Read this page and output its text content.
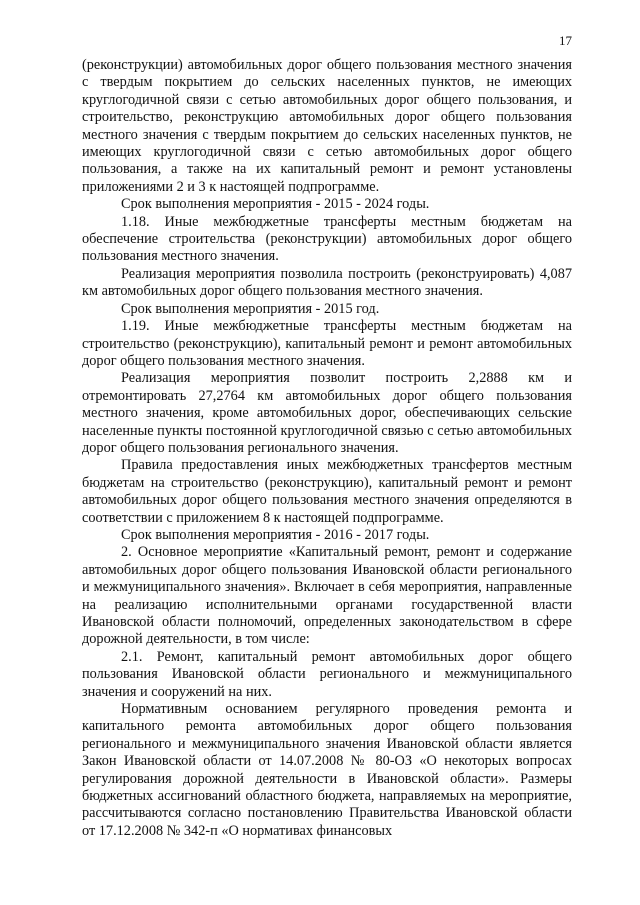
17

(реконструкции) автомобильных дорог общего пользования местного значения с твердым покрытием до сельских населенных пунктов, не имеющих круглогодичной связи с сетью автомобильных дорог общего пользования, и строительство, реконструкцию автомобильных дорог общего пользования местного значения с твердым покрытием до сельских населенных пунктов, не имеющих круглогодичной связи с сетью автомобильных дорог общего пользования, а также на их капитальный ремонт и ремонт установлены приложениями 2 и 3 к настоящей подпрограмме.

Срок выполнения мероприятия - 2015 - 2024 годы.

1.18. Иные межбюджетные трансферты местным бюджетам на обеспечение строительства (реконструкции) автомобильных дорог общего пользования местного значения.

Реализация мероприятия позволила построить (реконструировать) 4,087 км автомобильных дорог общего пользования местного значения.

Срок выполнения мероприятия - 2015 год.

1.19. Иные межбюджетные трансферты местным бюджетам на строительство (реконструкцию), капитальный ремонт и ремонт автомобильных дорог общего пользования местного значения.

Реализация мероприятия позволит построить 2,2888 км и отремонтировать 27,2764 км автомобильных дорог общего пользования местного значения, кроме автомобильных дорог, обеспечивающих сельские населенные пункты постоянной круглогодичной связью с сетью автомобильных дорог общего пользования регионального значения.

Правила предоставления иных межбюджетных трансфертов местным бюджетам на строительство (реконструкцию), капитальный ремонт и ремонт автомобильных дорог общего пользования местного значения определяются в соответствии с приложением 8 к настоящей подпрограмме.

Срок выполнения мероприятия - 2016 - 2017 годы.

2. Основное мероприятие «Капитальный ремонт, ремонт и содержание автомобильных дорог общего пользования Ивановской области регионального и межмуниципального значения». Включает в себя мероприятия, направленные на реализацию исполнительными органами государственной власти Ивановской области полномочий, определенных законодательством в сфере дорожной деятельности, в том числе:

2.1. Ремонт, капитальный ремонт автомобильных дорог общего пользования Ивановской области регионального и межмуниципального значения и сооружений на них.

Нормативным основанием регулярного проведения ремонта и капитального ремонта автомобильных дорог общего пользования регионального и межмуниципального значения Ивановской области является Закон Ивановской области от 14.07.2008 № 80-ОЗ «О некоторых вопросах регулирования дорожной деятельности в Ивановской области». Размеры бюджетных ассигнований областного бюджета, направляемых на мероприятие, рассчитываются согласно постановлению Правительства Ивановской области от 17.12.2008 № 342-п «О нормативах финансовых
